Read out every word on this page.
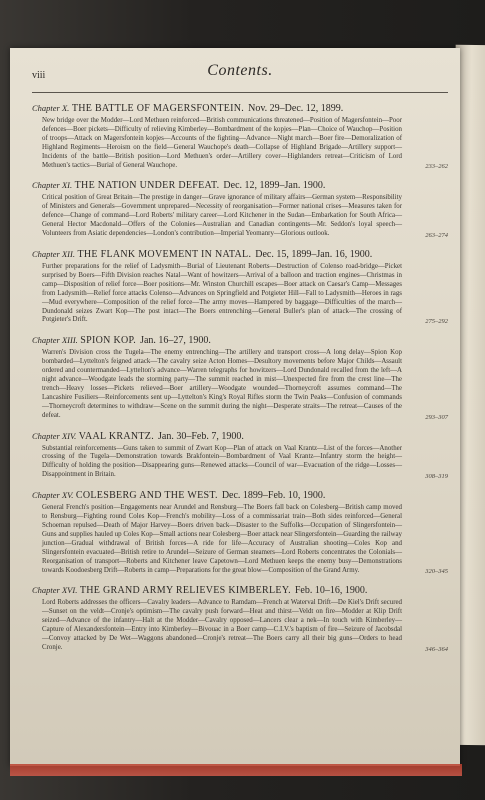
viii	Contents.
Chapter X. THE BATTLE OF MAGERSFONTEIN. Nov. 29–Dec. 12, 1899.

New bridge over the Modder—Lord Methuen reinforced—British communications threatened—Position of Magersfontein—Poor defences—Boer pickets—Difficulty of relieving Kimberley—Bombardment of the kopjes—Plan—Choice of Wauchop—Position of troops—Attack on Magersfontein kopjes—Accounts of the fighting—Advance—Night march—Boer fire—Demoralization of Highland Regiments—Heroism on the field—General Wauchope's death—Collapse of Highland Brigade—Artillery support—Incidents of the battle—British position—Lord Methuen's order—Artillery cover—Highlanders retreat—Criticism of Lord Methuen's tactics—Burial of General Wauchope.	233–262
Chapter XI. THE NATION UNDER DEFEAT. Dec. 12, 1899–Jan. 1900.

Critical position of Great Britain—The prestige in danger—Grave ignorance of military affairs—German system—Responsibility of Ministers and Generals—Government unprepared—Necessity of reorganisation—Former national crises—Measures taken for defence—Change of command—Lord Roberts' military career—Lord Kitchener in the Sudan—Embarkation for South Africa—General Hector Macdonald—Offers of the Colonies—Australian and Canadian contingents—Mr. Seddon's loyal speech—Volunteers from Asiatic dependencies—London's contribution—Imperial Yeomanry—Glorious outlook.	263–274
Chapter XII. THE FLANK MOVEMENT IN NATAL. Dec. 15, 1899–Jan. 16, 1900.

Further preparations for the relief of Ladysmith—Burial of Lieutenant Roberts—Destruction of Colenso road-bridge—Picket surprised by Boers—Fifth Division reaches Natal—Want of howitzers—Arrival of a balloon and traction engines—Christmas in camp—Disposition of relief force—Boer positions—Mr. Winston Churchill escapes—Boer attack on Caesar's Camp—Messages from Ladysmith—Relief force attacks Colenso—Advances on Springfield and Potgieter Hill—Fall to Ladysmith—Heroes in rags—Mud everywhere—Composition of the relief force—The army moves—Hampered by baggage—Difficulties of the march—Dundonald seizes Zwart Kop—The post intact—The Boers entrenching—General Buller's plan of attack—The crossing of Potgieter's Drift.	275–292
Chapter XIII. SPION KOP. Jan. 16–27, 1900.

Warren's Division cross the Tugela—The enemy entrenching—The artillery and transport cross—A long delay—Spion Kop bombarded—Lyttelton's feigned attack—The cavalry seize Acton Homes—Desultory movements before Major Childs—Assault ordered and countermanded—Lyttelton's advance—Warren telegraphs for howitzers—Lord Dundonald recalled from the left—A night advance—Woodgate leads the storming party—The summit reached in mist—Unexpected fire from the crest line—The trench—Heavy losses—Pickets relieved—Boer artillery—Woodgate wounded—Thorneycroft assumes command—The Lancashire Fusiliers—Reinforcements sent up—Lyttelton's King's Royal Rifles storm the Twin Peaks—Confusion of commands—Thorneycroft determines to withdraw—Scene on the summit during the night—Desperate straits—The retreat—Causes of the defeat.	293–307
Chapter XIV. VAAL KRANTZ. Jan. 30–Feb. 7, 1900.

Substantial reinforcements—Guns taken to summit of Zwart Kop—Plan of attack on Vaal Krantz—List of the forces—Another crossing of the Tugela—Demonstration towards Brakfontein—Bombardment of Vaal Krantz—Infantry storm the height—Difficulty of holding the position—Disappearing guns—Renewed attacks—Council of war—Evacuation of the ridge—Losses—Disappointment in Britain.	308–319
Chapter XV. COLESBERG AND THE WEST. Dec. 1899–Feb. 10, 1900.

General French's position—Engagements near Arundel and Rensburg—The Boers fall back on Colesberg—British camp moved to Rensburg—Fighting round Coles Kop—French's mobility—Loss of a commissariat train—Both sides reinforced—General Schoeman repulsed—Death of Major Harvey—Boers driven back—Disaster to the Suffolks—Occupation of Slingersfontein—Guns and supplies hauled up Coles Kop—Small actions near Colesberg—Boer attack near Slingersfontein—Guarding the railway junction—Gradual withdrawal of British forces—A ride for life—Accuracy of Australian shooting—Coles Kop and Slingersfontein evacuated—British retire to Arundel—Seizure of German steamers—Lord Roberts concentrates the Colonials—Reorganisation of transport—Roberts and Kitchener leave Capetown—Lord Methuen keeps the enemy busy—Demonstrations towards Koodoesberg Drift—Roberts in camp—Preparations for the great blow—Composition of the Grand Army.	320–345
Chapter XVI. THE GRAND ARMY RELIEVES KIMBERLEY. Feb. 10–16, 1900.

Lord Roberts addresses the officers—Cavalry leaders—Advance to Ramdam—French at Waterval Drift—De Kiel's Drift secured—Sunset on the veldt—Cronje's optimism—The cavalry push forward—Heat and thirst—Veldt on fire—Modder at Klip Drift seized—Advance of the infantry—Halt at the Modder—Cavalry opposed—Lancers clear a nek—In touch with Kimberley—Capture of Alexandersfontein—Entry into Kimberley—Bivouac in a Boer camp—C.I.V.'s baptism of fire—Seizure of Jacobsdal—Convoy attacked by De Wet—Waggons abandoned—Cronje's retreat—The Boers carry all their big guns—Orders to head Cronje.	346–364
